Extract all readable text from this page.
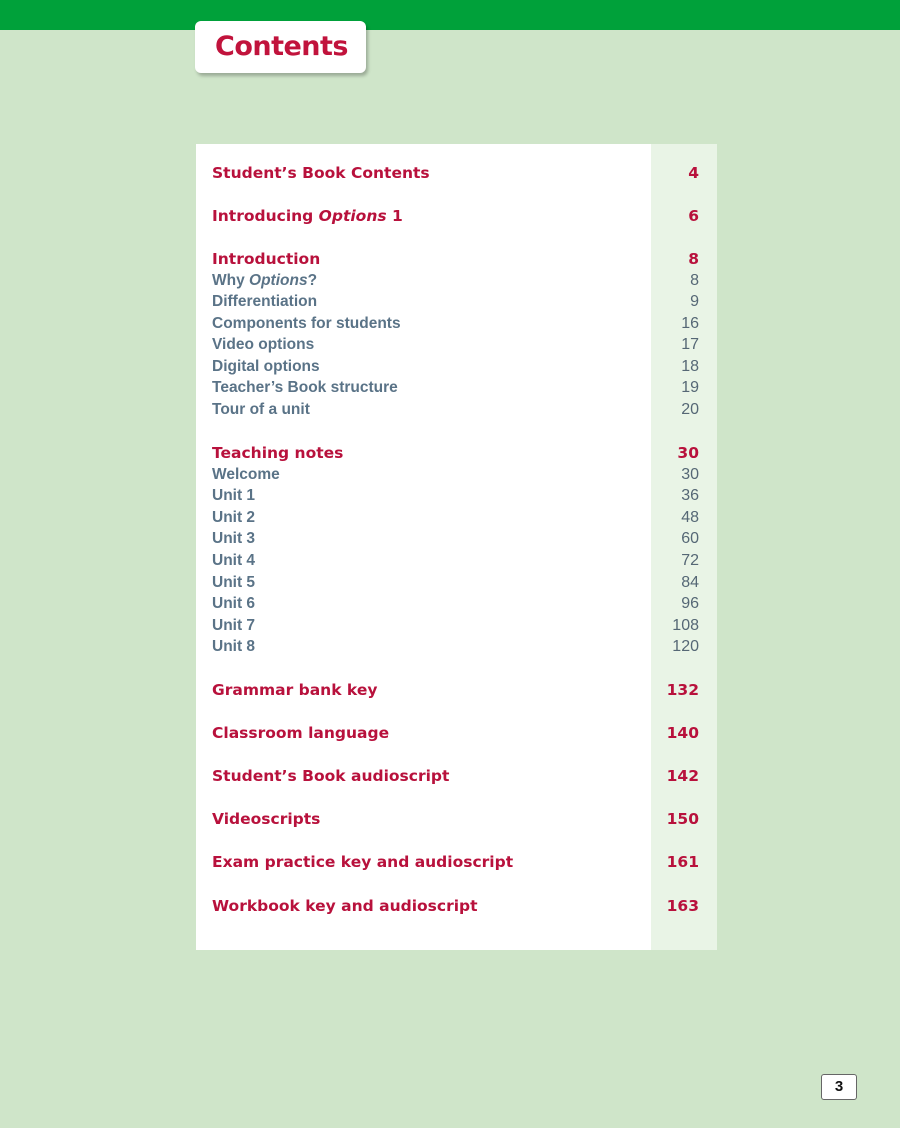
Contents
Student’s Book Contents	4
Introducing Options 1	6
Introduction	8
Why Options?	8
Differentiation	9
Components for students	16
Video options	17
Digital options	18
Teacher’s Book structure	19
Tour of a unit	20
Teaching notes	30
Welcome	30
Unit 1	36
Unit 2	48
Unit 3	60
Unit 4	72
Unit 5	84
Unit 6	96
Unit 7	108
Unit 8	120
Grammar bank key	132
Classroom language	140
Student’s Book audioscript	142
Videoscripts	150
Exam practice key and audioscript	161
Workbook key and audioscript	163
3
